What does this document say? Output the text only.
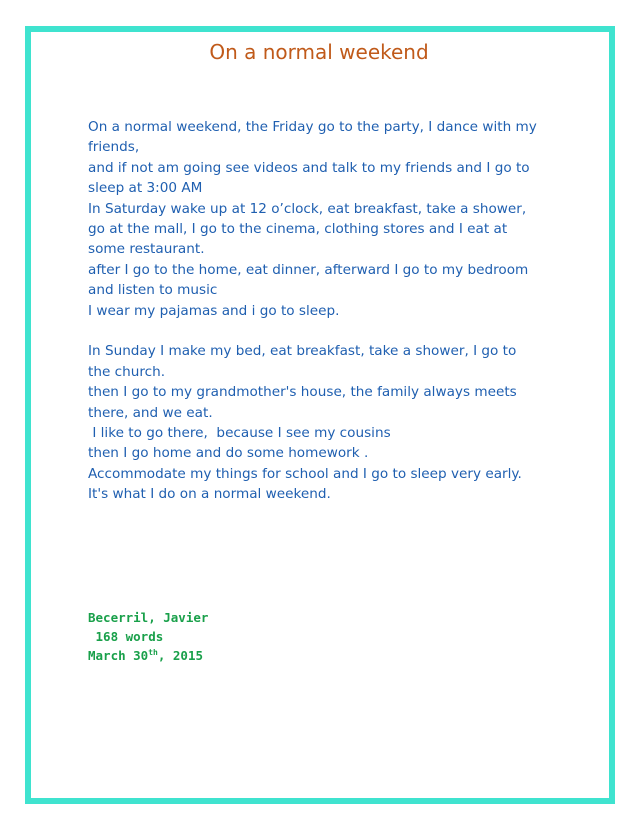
On a normal weekend
On a normal weekend, the Friday go to the party, I dance with my
friends,
and if not am going see videos and talk to my friends and I go to
sleep at 3:00 AM
In Saturday wake up at 12 o’clock, eat breakfast, take a shower,
go at the mall, I go to the cinema, clothing stores and I eat at
some restaurant.
after I go to the home, eat dinner, afterward I go to my bedroom
and listen to music
I wear my pajamas and i go to sleep.
In Sunday I make my bed, eat breakfast, take a shower, I go to
the church.
then I go to my grandmother's house, the family always meets
there, and we eat.
I like to go there,  because I see my cousins
then I go home and do some homework .
Accommodate my things for school and I go to sleep very early.
It's what I do on a normal weekend.
Becerril, Javier
168 words
March 30th, 2015
